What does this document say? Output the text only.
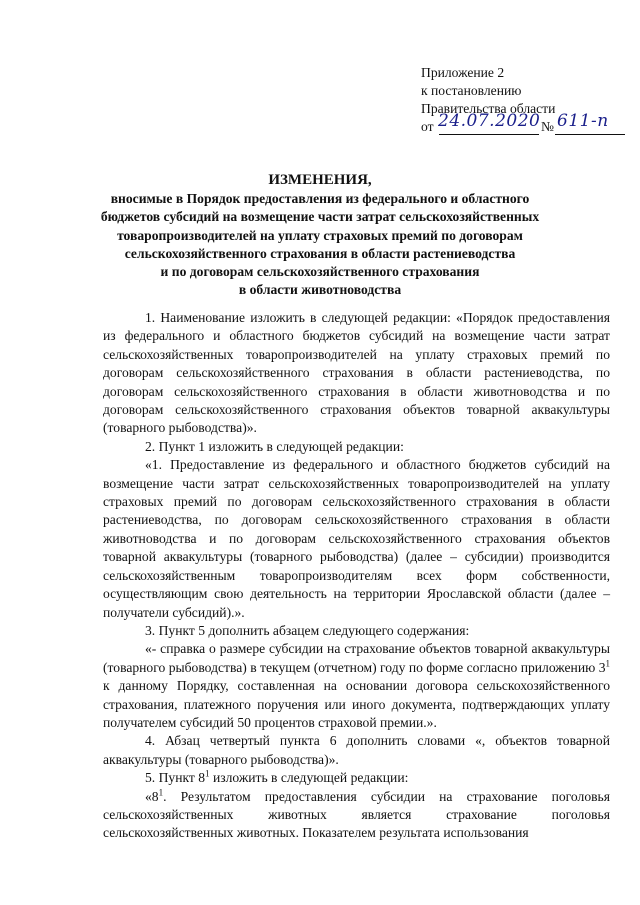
Приложение 2
к постановлению
Правительства области
от 24.07.2020 № 611-п
ИЗМЕНЕНИЯ,
вносимые в Порядок предоставления из федерального и областного
бюджетов субсидий на возмещение части затрат сельскохозяйственных
товаропроизводителей на уплату страховых премий по договорам
сельскохозяйственного страхования в области растениеводства
и по договорам сельскохозяйственного страхования
в области животноводства

1. Наименование изложить в следующей редакции: «Порядок предоставления из федерального и областного бюджетов субсидий на возмещение части затрат сельскохозяйственных товаропроизводителей на уплату страховых премий по договорам сельскохозяйственного страхования в области растениеводства, по договорам сельскохозяйственного страхования в области животноводства и по договорам сельскохозяйственного страхования объектов товарной аквакультуры (товарного рыбоводства)».

2. Пункт 1 изложить в следующей редакции:

«1. Предоставление из федерального и областного бюджетов субсидий на возмещение части затрат сельскохозяйственных товаропроизводителей на уплату страховых премий по договорам сельскохозяйственного страхования в области растениеводства, по договорам сельскохозяйственного страхования в области животноводства и по договорам сельскохозяйственного страхования объектов товарной аквакультуры (товарного рыбоводства) (далее – субсидии) производится сельскохозяйственным товаропроизводителям всех форм собственности, осуществляющим свою деятельность на территории Ярославской области (далее – получатели субсидий).».

3. Пункт 5 дополнить абзацем следующего содержания:

«- справка о размере субсидии на страхование объектов товарной аквакультуры (товарного рыбоводства) в текущем (отчетном) году по форме согласно приложению $3^1$ к данному Порядку, составленная на основании договора сельскохозяйственного страхования, платежного поручения или иного документа, подтверждающих уплату получателем субсидий 50 процентов страховой премии.».

4. Абзац четвертый пункта 6 дополнить словами «, объектов товарной аквакультуры (товарного рыбоводства)».

5. Пункт $8^1$ изложить в следующей редакции:

«$8^1$. Результатом предоставления субсидии на страхование поголовья сельскохозяйственных животных является страхование поголовья сельскохозяйственных животных. Показателем результата использования
